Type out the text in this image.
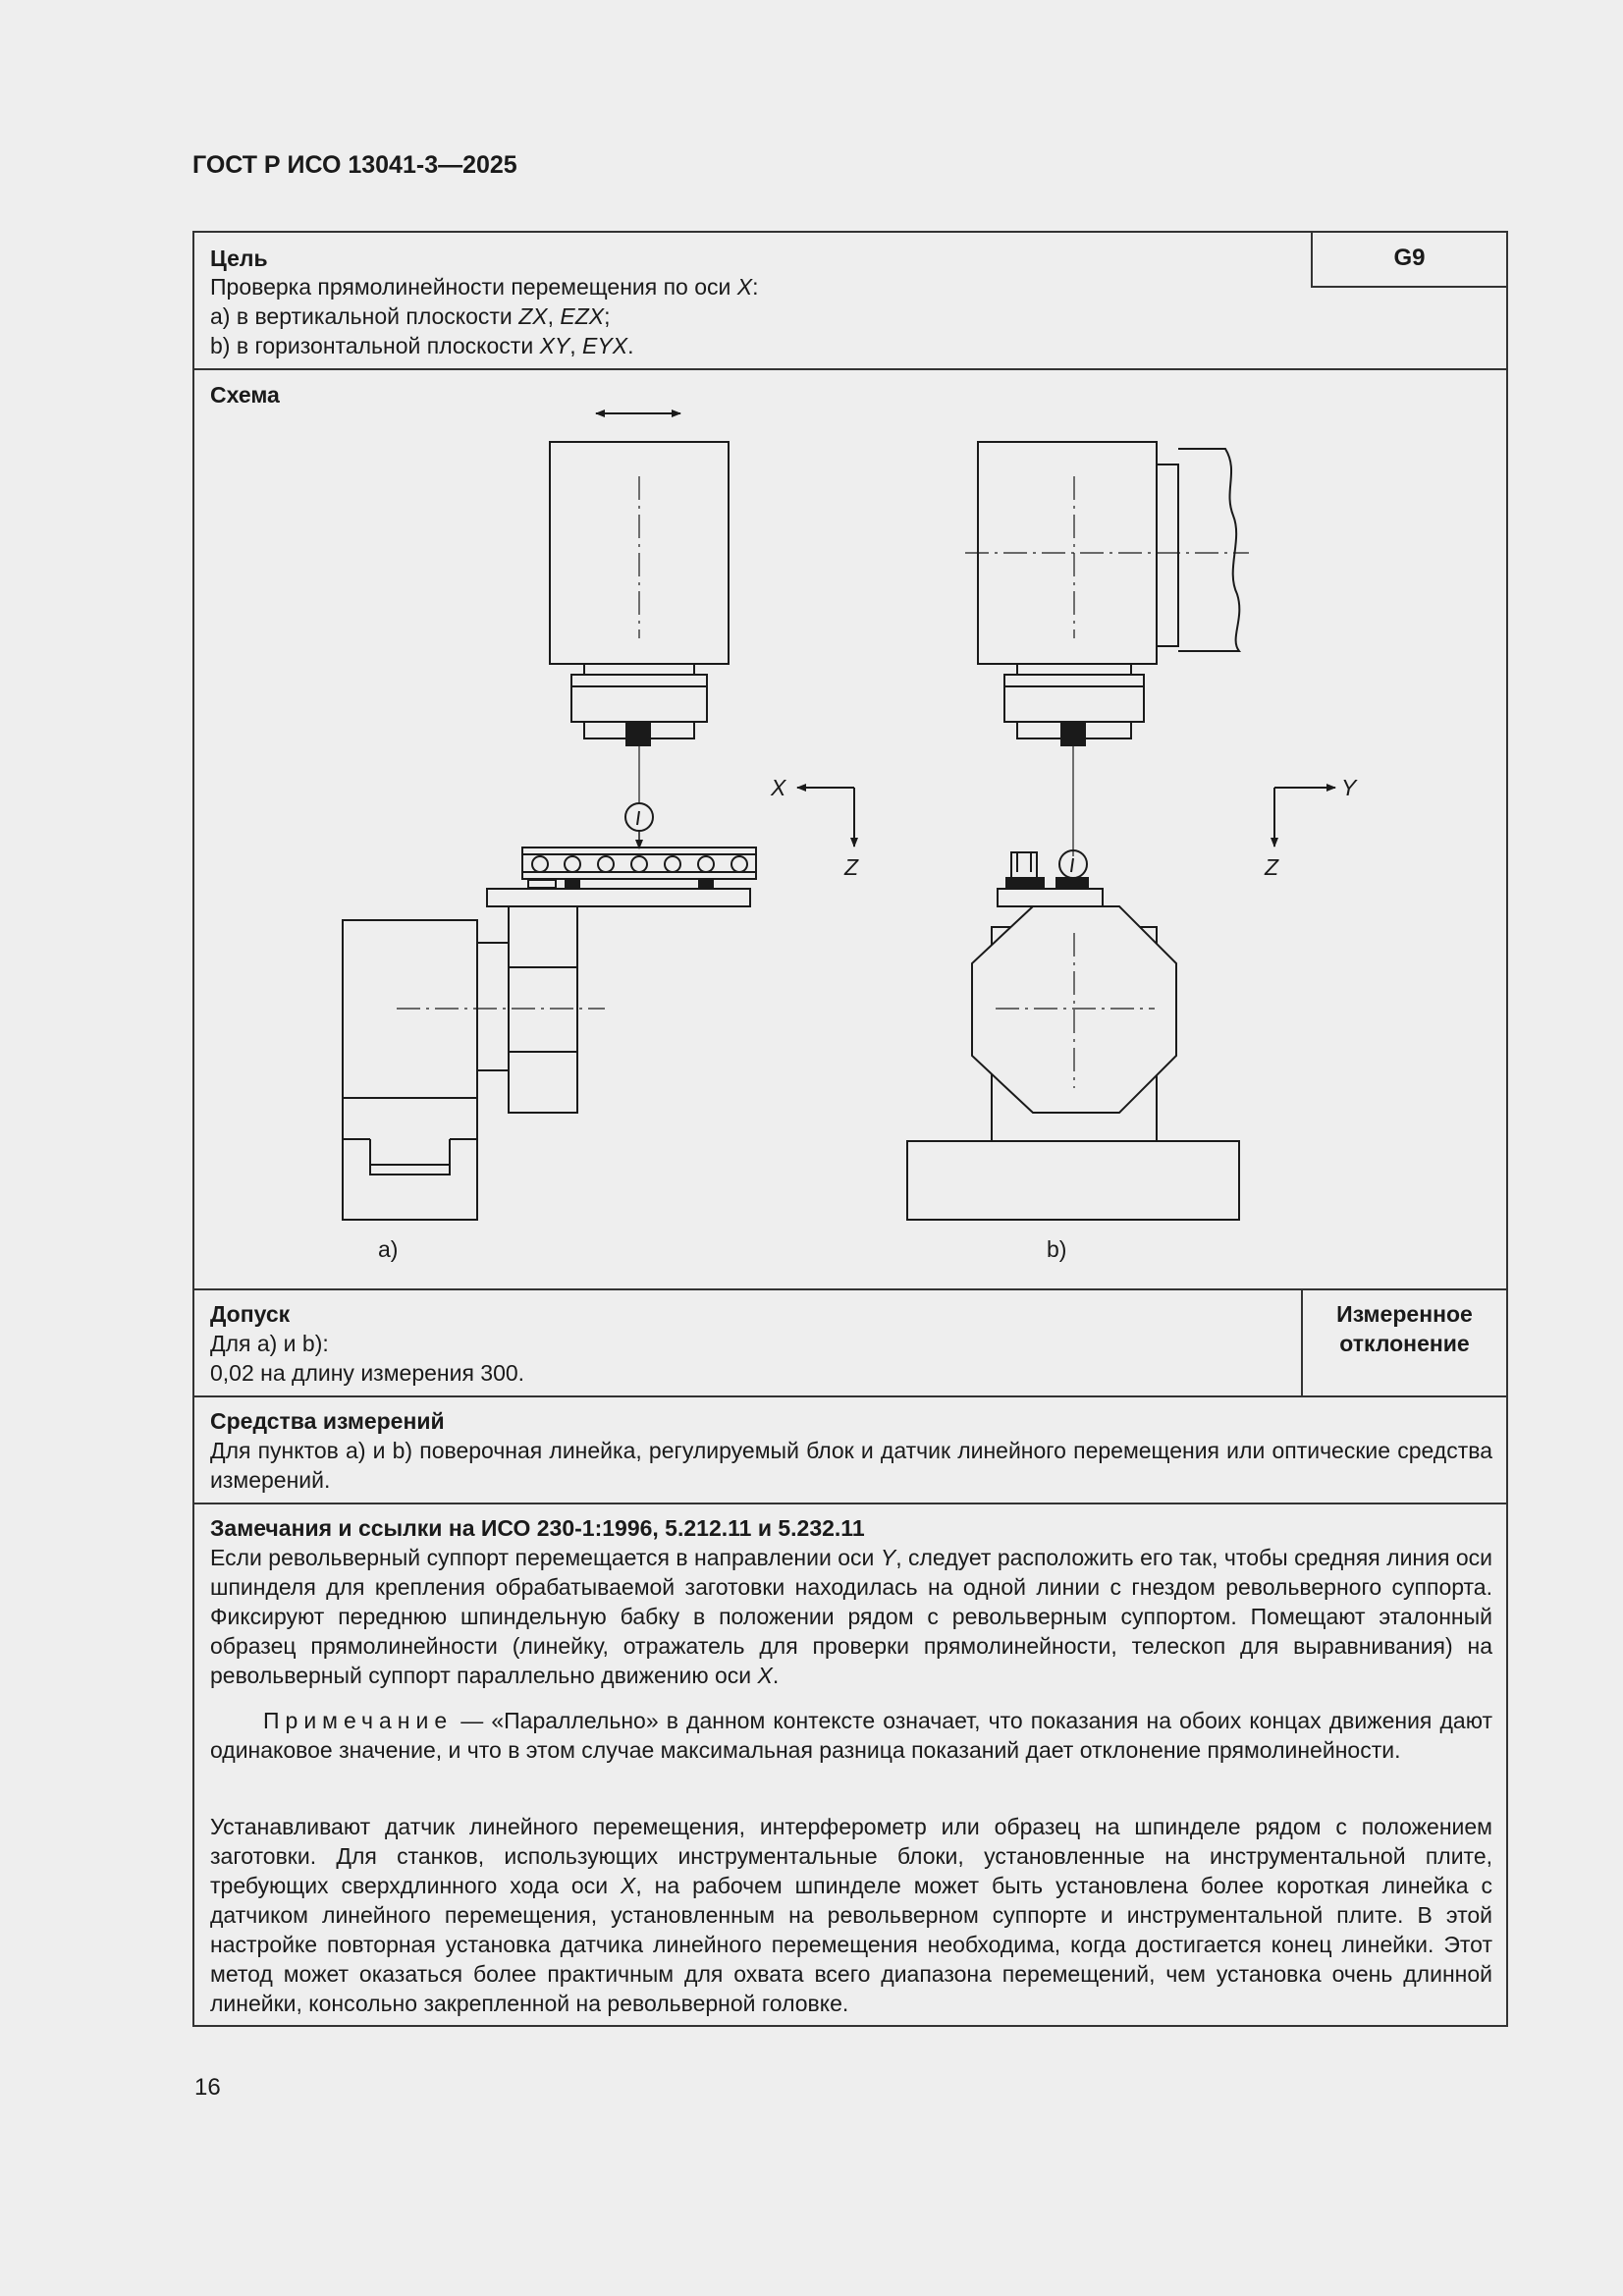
ГОСТ Р ИСО 13041-3—2025
Цель	G9
Проверка прямолинейности перемещения по оси X:
a) в вертикальной плоскости ZX, EZX;
b) в горизонтальной плоскости XY, EYX.
Схема
X
Z
Y
Z
a)	b)
Допуск
Для a) и b):
0,02 на длину измерения 300.
Измеренное
отклонение
Средства измерений
Для пунктов a) и b) поверочная линейка, регулируемый блок и датчик линейного перемещения или оптические средства измерений.
Замечания и ссылки на ИСО 230-1:1996, 5.212.11 и 5.232.11
Если револьверный суппорт перемещается в направлении оси Y, следует расположить его так, чтобы средняя линия оси шпинделя для крепления обрабатываемой заготовки находилась на одной линии с гнездом револьверного суппорта. Фиксируют переднюю шпиндельную бабку в положении рядом с револьверным суппортом. Помещают эталонный образец прямолинейности (линейку, отражатель для проверки прямолинейности, телескоп для выравнивания) на револьверный суппорт параллельно движению оси X.
Примечание — «Параллельно» в данном контексте означает, что показания на обоих концах движения дают одинаковое значение, и что в этом случае максимальная разница показаний дает отклонение прямолинейности.
Устанавливают датчик линейного перемещения, интерферометр или образец на шпинделе рядом с положением заготовки. Для станков, использующих инструментальные блоки, установленные на инструментальной плите, требующих сверхдлинного хода оси X, на рабочем шпинделе может быть установлена более короткая линейка с датчиком линейного перемещения, установленным на револьверном суппорте и инструментальной плите. В этой настройке повторная установка датчика линейного перемещения необходима, когда достигается конец линейки. Этот метод может оказаться более практичным для охвата всего диапазона перемещений, чем установка очень длинной линейки, консольно закрепленной на револьверной головке.
16
